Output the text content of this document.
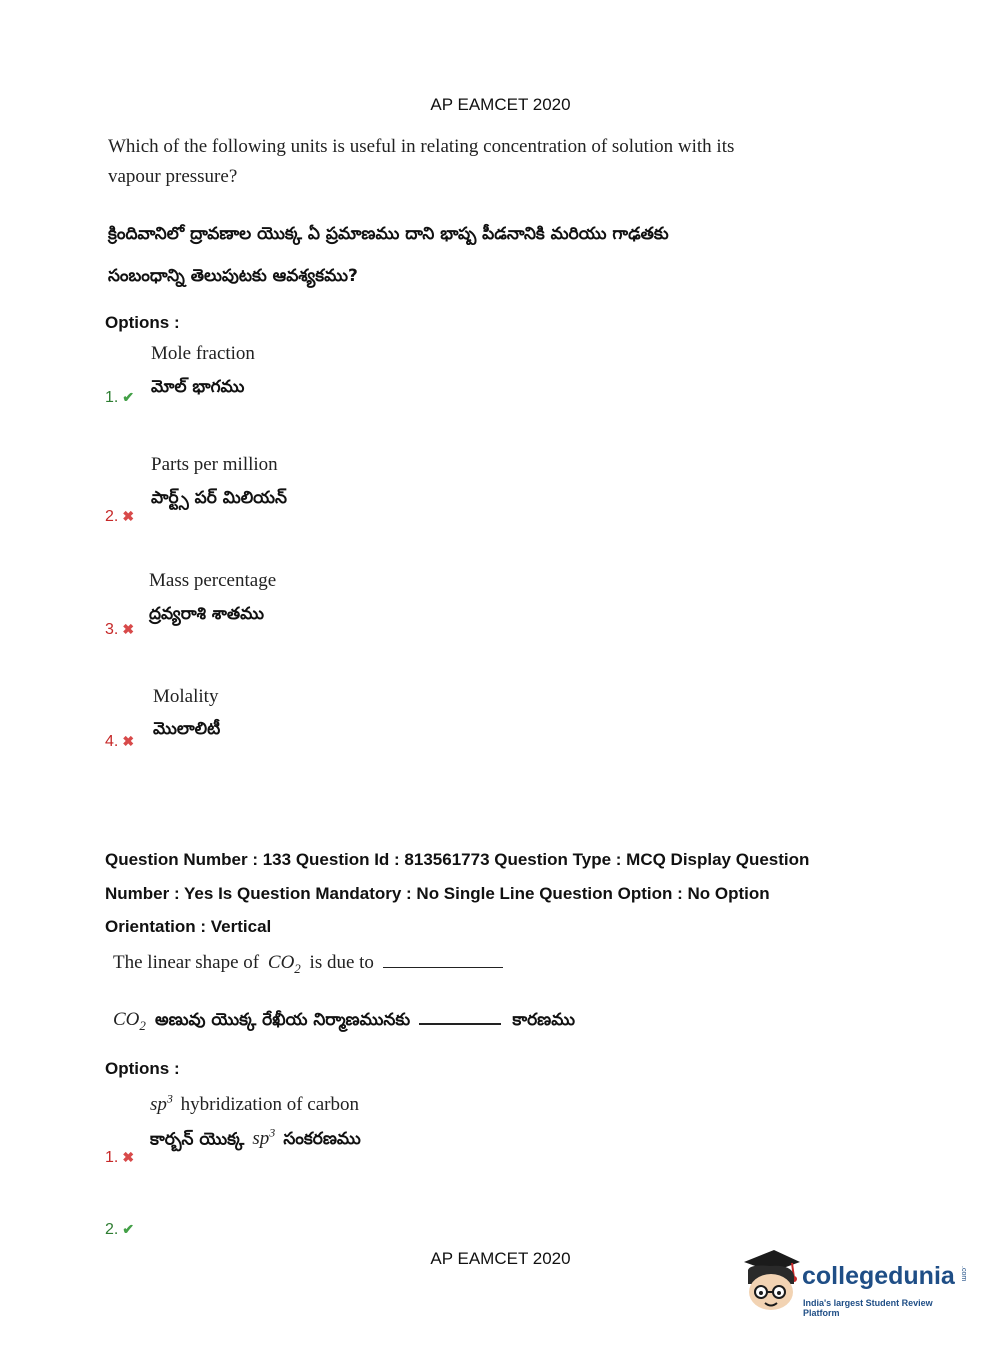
AP EAMCET 2020
Which of the following units is useful in relating concentration of solution with its
vapour pressure?
క్రిందివానిలో ద్రావణాల యొక్క ఏ ప్రమాణము దాని భాష్ప పీడనానికి మరియు గాఢతకు
సంబంధాన్ని తెలుపుటకు ఆవశ్యకము?
Options :
Mole fraction
మోల్ భాగము
1. ✔
Parts per million
పార్ట్స్ పర్ మిలియన్
2. ✖
Mass percentage
ద్రవ్యరాశి శాతము
3. ✖
Molality
మొలాలిటీ
4. ✖
Question Number : 133 Question Id : 813561773 Question Type : MCQ Display Question
Number : Yes Is Question Mandatory : No Single Line Question Option : No Option
Orientation : Vertical
The linear shape of $CO_2$ is due to
$CO_2$ అణువు యొక్క రేఖీయ నిర్మాణమునకు	కారణము
Options :
$sp^3$ hybridization of carbon
కార్బన్ యొక్క $sp^3$ సంకరణము
1. ✖
2. ✔
AP EAMCET 2020
collegedunia .com
India's largest Student Review Platform
